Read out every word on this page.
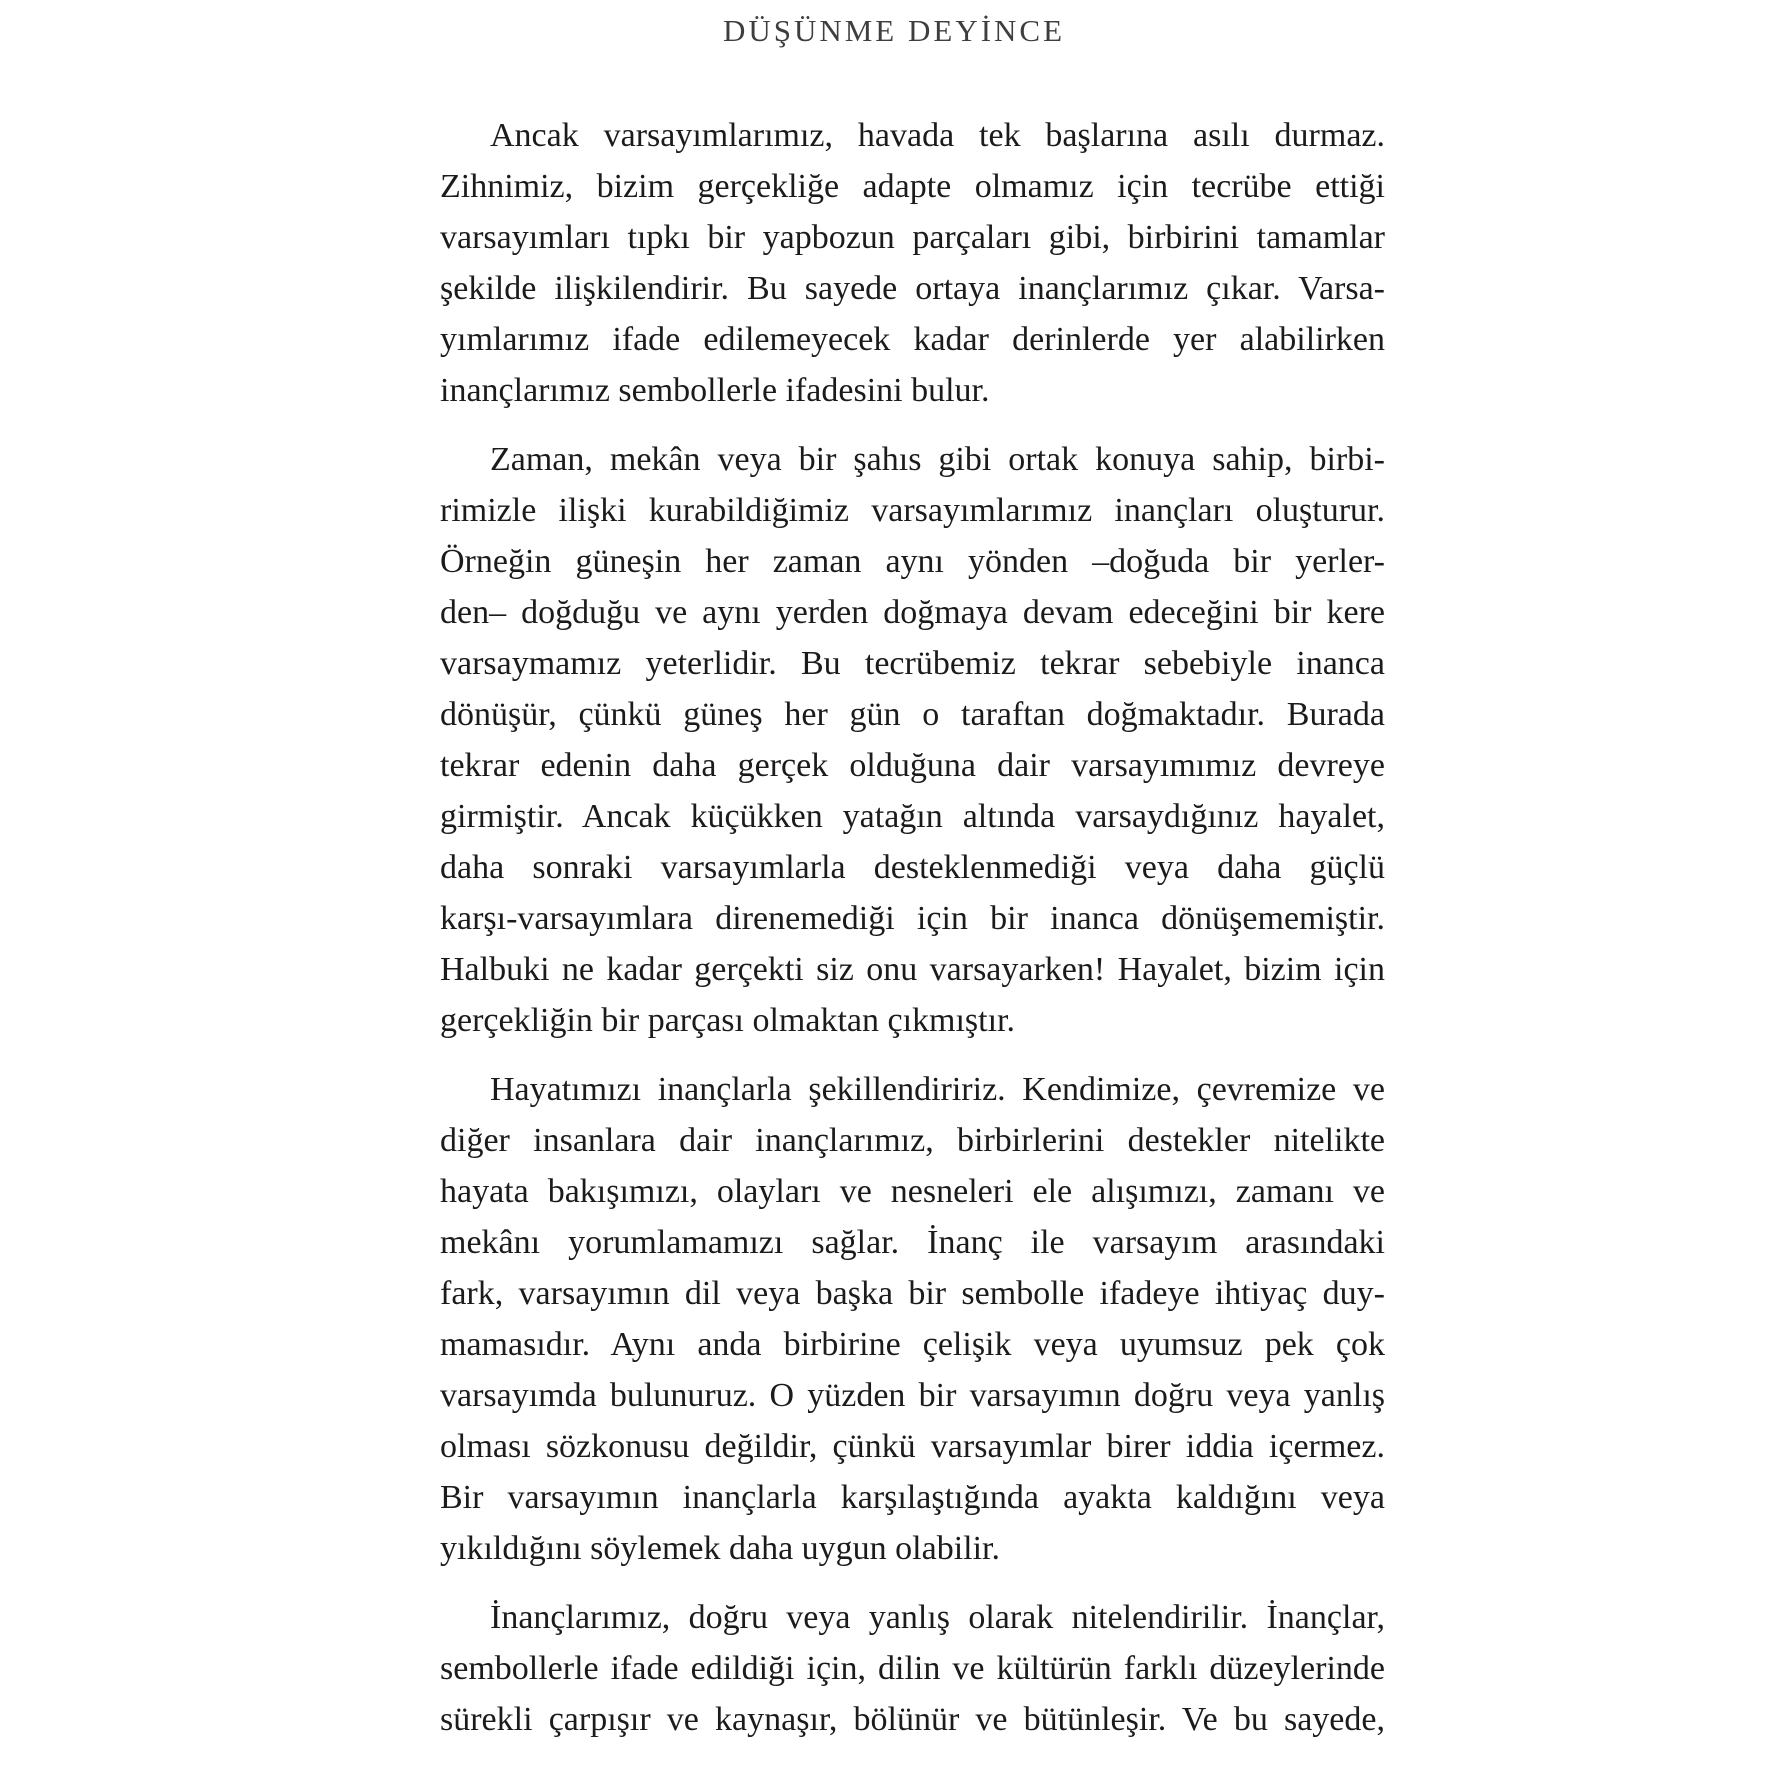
DÜŞÜNME DEYİNCE
Ancak varsayımlarımız, havada tek başlarına asılı durmaz.
Zihnimiz, bizim gerçekliğe adapte olmamız için tecrübe ettiği
varsayımları tıpkı bir yapbozun parçaları gibi, birbirini tamamlar
şekilde ilişkilendirir. Bu sayede ortaya inançlarımız çıkar. Varsa-
yımlarımız ifade edilemeyecek kadar derinlerde yer alabilirken
inançlarımız sembollerle ifadesini bulur.
Zaman, mekân veya bir şahıs gibi ortak konuya sahip, birbi-
rimizle ilişki kurabildiğimiz varsayımlarımız inançları oluşturur.
Örneğin güneşin her zaman aynı yönden –doğuda bir yerler-
den– doğduğu ve aynı yerden doğmaya devam edeceğini bir kere
varsaymamız yeterlidir. Bu tecrübemiz tekrar sebebiyle inanca
dönüşür, çünkü güneş her gün o taraftan doğmaktadır. Burada
tekrar edenin daha gerçek olduğuna dair varsayımımız devreye
girmiştir. Ancak küçükken yatağın altında varsaydığınız hayalet,
daha sonraki varsayımlarla desteklenmediği veya daha güçlü
karşı-varsayımlara direnemediği için bir inanca dönüşememiştir.
Halbuki ne kadar gerçekti siz onu varsayarken! Hayalet, bizim için
gerçekliğin bir parçası olmaktan çıkmıştır.
Hayatımızı inançlarla şekillendiririz. Kendimize, çevremize ve
diğer insanlara dair inançlarımız, birbirlerini destekler nitelikte
hayata bakışımızı, olayları ve nesneleri ele alışımızı, zamanı ve
mekânı yorumlamamızı sağlar. İnanç ile varsayım arasındaki
fark, varsayımın dil veya başka bir sembolle ifadeye ihtiyaç duy-
mamasıdır. Aynı anda birbirine çelişik veya uyumsuz pek çok
varsayımda bulunuruz. O yüzden bir varsayımın doğru veya yanlış
olması sözkonusu değildir, çünkü varsayımlar birer iddia içermez.
Bir varsayımın inançlarla karşılaştığında ayakta kaldığını veya
yıkıldığını söylemek daha uygun olabilir.
İnançlarımız, doğru veya yanlış olarak nitelendirilir. İnançlar,
sembollerle ifade edildiği için, dilin ve kültürün farklı düzeylerinde
sürekli çarpışır ve kaynaşır, bölünür ve bütünleşir. Ve bu sayede,
